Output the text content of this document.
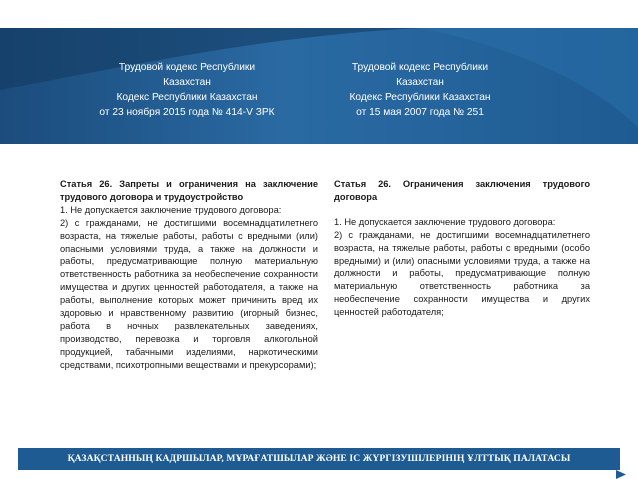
Трудовой кодекс Республики
Казахстан
Кодекс Республики Казахстан
от 23 ноября 2015 года № 414-V ЗРК
Трудовой кодекс Республики
Казахстан
Кодекс Республики Казахстан
от 15 мая 2007 года № 251

Статья 26. Запреты и ограничения на заключение трудового договора и трудоустройство

1. Не допускается заключение трудового договора:

2) с гражданами, не достигшими восемнадцатилетнего возраста, на тяжелые работы, работы с вредными (или) опасными условиями труда, а также на должности и работы, предусматривающие полную материальную ответственность работника за необеспечение сохранности имущества и других ценностей работодателя, а также на работы, выполнение которых может причинить вред их здоровью и нравственному развитию (игорный бизнес, работа в ночных развлекательных заведениях, производство, перевозка и торговля алкогольной продукцией, табачными изделиями, наркотическими средствами, психотропными веществами и прекурсорами);

Статья 26. Ограничения заключения трудового договора

1. Не допускается заключение трудового договора:

2) с гражданами, не достигшими восемнадцатилетнего возраста, на тяжелые работы, работы с вредными (особо вредными) и (или) опасными условиями труда, а также на должности и работы, предусматривающие полную материальную ответственность работника за необеспечение сохранности имущества и других ценностей работодателя;

ҚАЗАҚСТАННЫҢ КАДРШЫЛАР, МҰРАҒАТШЫЛАР ЖӘНЕ ІС ЖҮРГІЗУШІЛЕРІНІҢ ҰЛТТЫҚ ПАЛАТАСЫ
